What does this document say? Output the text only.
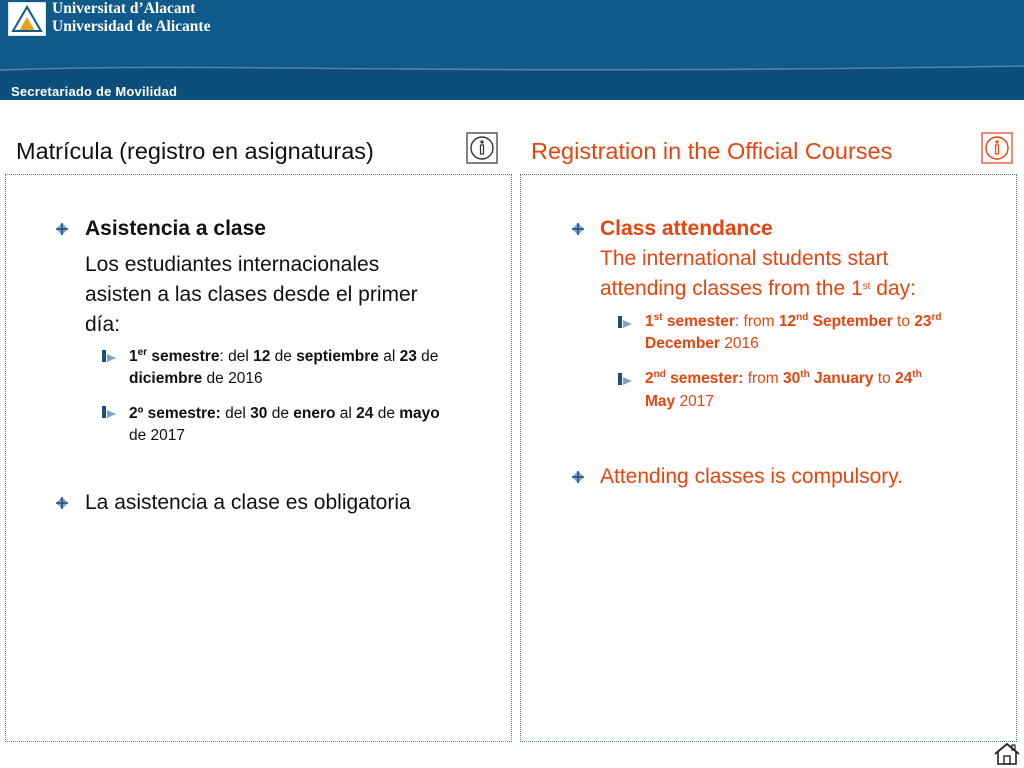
Universitat d’Alacant
Universidad de Alicante
Secretariado de Movilidad
Matrícula (registro en asignaturas)	Registration in the Official Courses
Asistencia a clase
Los estudiantes internacionales
asisten a las clases desde el primer
día:
1er semestre: del 12 de septiembre al 23 de
diciembre de 2016
2º semestre: del 30 de enero al 24 de mayo
de 2017
La asistencia a clase es obligatoria
Class attendance
The international students start
attending classes from the 1st day:
1st semester: from 12nd September to 23rd
December 2016
2nd semester: from 30th January to 24th
May 2017
Attending classes is compulsory.
